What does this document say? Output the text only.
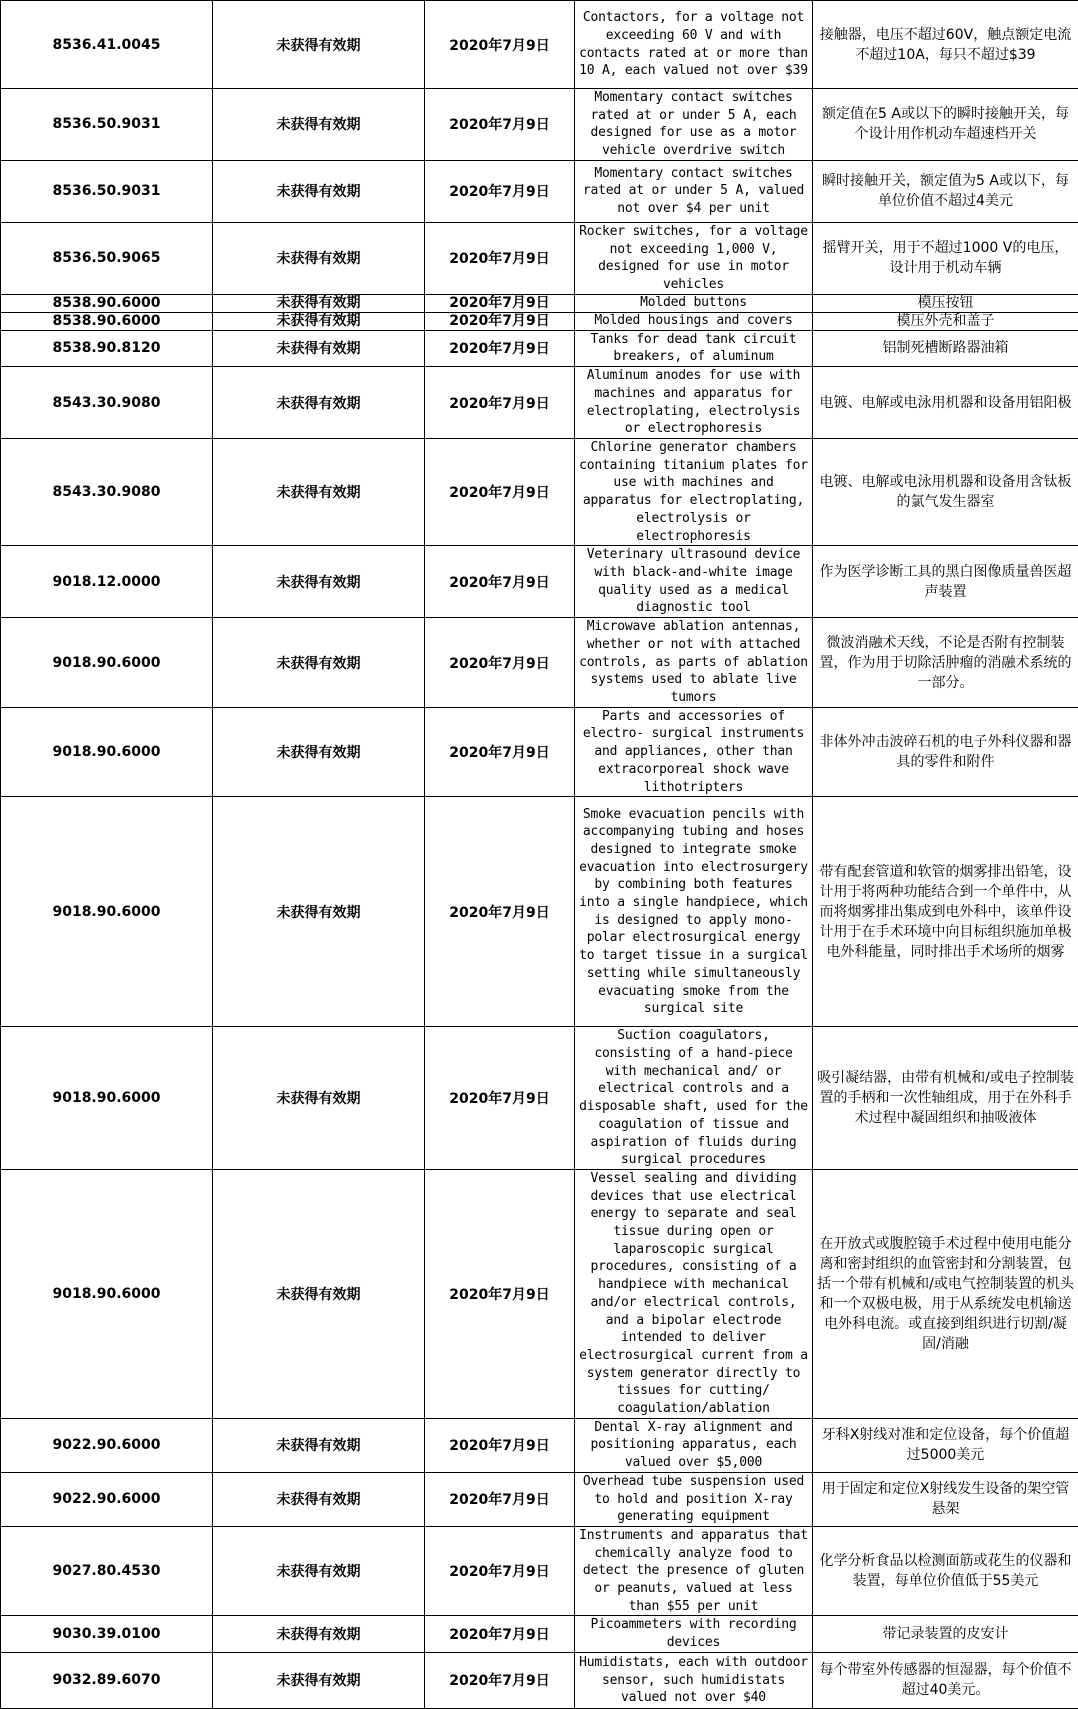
8536.41.0045	未获得有效期	2020年7月9日	Contactors, for a voltage not exceeding 60 V and with contacts rated at or more than 10 A, each valued not over $39	接触器，电压不超过60V，触点额定电流不超过10A，每只不超过$39
8536.50.9031	未获得有效期	2020年7月9日	Momentary contact switches rated at or under 5 A, each designed for use as a motor vehicle overdrive switch	额定值在5 A或以下的瞬时接触开关，每个设计用作机动车超速档开关
8536.50.9031	未获得有效期	2020年7月9日	Momentary contact switches rated at or under 5 A, valued not over $4 per unit	瞬时接触开关，额定值为5 A或以下，每单位价值不超过4美元
8536.50.9065	未获得有效期	2020年7月9日	Rocker switches, for a voltage not exceeding 1,000 V, designed for use in motor vehicles	摇臂开关，用于不超过1000 V的电压，设计用于机动车辆
8538.90.6000	未获得有效期	2020年7月9日	Molded buttons	模压按钮
8538.90.6000	未获得有效期	2020年7月9日	Molded housings and covers	模压外壳和盖子
8538.90.8120	未获得有效期	2020年7月9日	Tanks for dead tank circuit breakers, of aluminum	铝制死槽断路器油箱
8543.30.9080	未获得有效期	2020年7月9日	Aluminum anodes for use with machines and apparatus for electroplating, electrolysis or electrophoresis	电镀、电解或电泳用机器和设备用铝阳极
8543.30.9080	未获得有效期	2020年7月9日	Chlorine generator chambers containing titanium plates for use with machines and apparatus for electroplating, electrolysis or electrophoresis	电镀、电解或电泳用机器和设备用含钛板的氯气发生器室
9018.12.0000	未获得有效期	2020年7月9日	Veterinary ultrasound device with black-and-white image quality used as a medical diagnostic tool	作为医学诊断工具的黑白图像质量兽医超声装置
9018.90.6000	未获得有效期	2020年7月9日	Microwave ablation antennas, whether or not with attached controls, as parts of ablation systems used to ablate live tumors	微波消融术天线，不论是否附有控制装置，作为用于切除活肿瘤的消融术系统的一部分。
9018.90.6000	未获得有效期	2020年7月9日	Parts and accessories of electro- surgical instruments and appliances, other than extracorporeal shock wave lithotripters	非体外冲击波碎石机的电子外科仪器和器具的零件和附件
9018.90.6000	未获得有效期	2020年7月9日	Smoke evacuation pencils with accompanying tubing and hoses designed to integrate smoke evacuation into electrosurgery by combining both features into a single handpiece, which is designed to apply mono-polar electrosurgical energy to target tissue in a surgical setting while simultaneously evacuating smoke from the surgical site	带有配套管道和软管的烟雾排出铅笔，设计用于将两种功能结合到一个单件中，从而将烟雾排出集成到电外科中，该单件设计用于在手术环境中向目标组织施加单极电外科能量，同时排出手术场所的烟雾
9018.90.6000	未获得有效期	2020年7月9日	Suction coagulators, consisting of a hand-piece with mechanical and/ or electrical controls and a disposable shaft, used for the coagulation of tissue and aspiration of fluids during surgical procedures	吸引凝结器，由带有机械和/或电子控制装置的手柄和一次性轴组成，用于在外科手术过程中凝固组织和抽吸液体
9018.90.6000	未获得有效期	2020年7月9日	Vessel sealing and dividing devices that use electrical energy to separate and seal tissue during open or laparoscopic surgical procedures, consisting of a handpiece with mechanical and/or electrical controls, and a bipolar electrode intended to deliver electrosurgical current from a system generator directly to tissues for cutting/ coagulation/ablation	在开放式或腹腔镜手术过程中使用电能分离和密封组织的血管密封和分割装置，包括一个带有机械和/或电气控制装置的机头和一个双极电极，用于从系统发电机输送电外科电流。或直接到组织进行切割/凝固/消融
9022.90.6000	未获得有效期	2020年7月9日	Dental X-ray alignment and positioning apparatus, each valued over $5,000	牙科X射线对准和定位设备，每个价值超过5000美元
9022.90.6000	未获得有效期	2020年7月9日	Overhead tube suspension used to hold and position X-ray generating equipment	用于固定和定位X射线发生设备的架空管悬架
9027.80.4530	未获得有效期	2020年7月9日	Instruments and apparatus that chemically analyze food to detect the presence of gluten or peanuts, valued at less than $55 per unit	化学分析食品以检测面筋或花生的仪器和装置，每单位价值低于55美元
9030.39.0100	未获得有效期	2020年7月9日	Picoammeters with recording devices	带记录装置的皮安计
9032.89.6070	未获得有效期	2020年7月9日	Humidistats, each with outdoor sensor, such humidistats valued not over $40	每个带室外传感器的恒湿器，每个价值不超过40美元。
